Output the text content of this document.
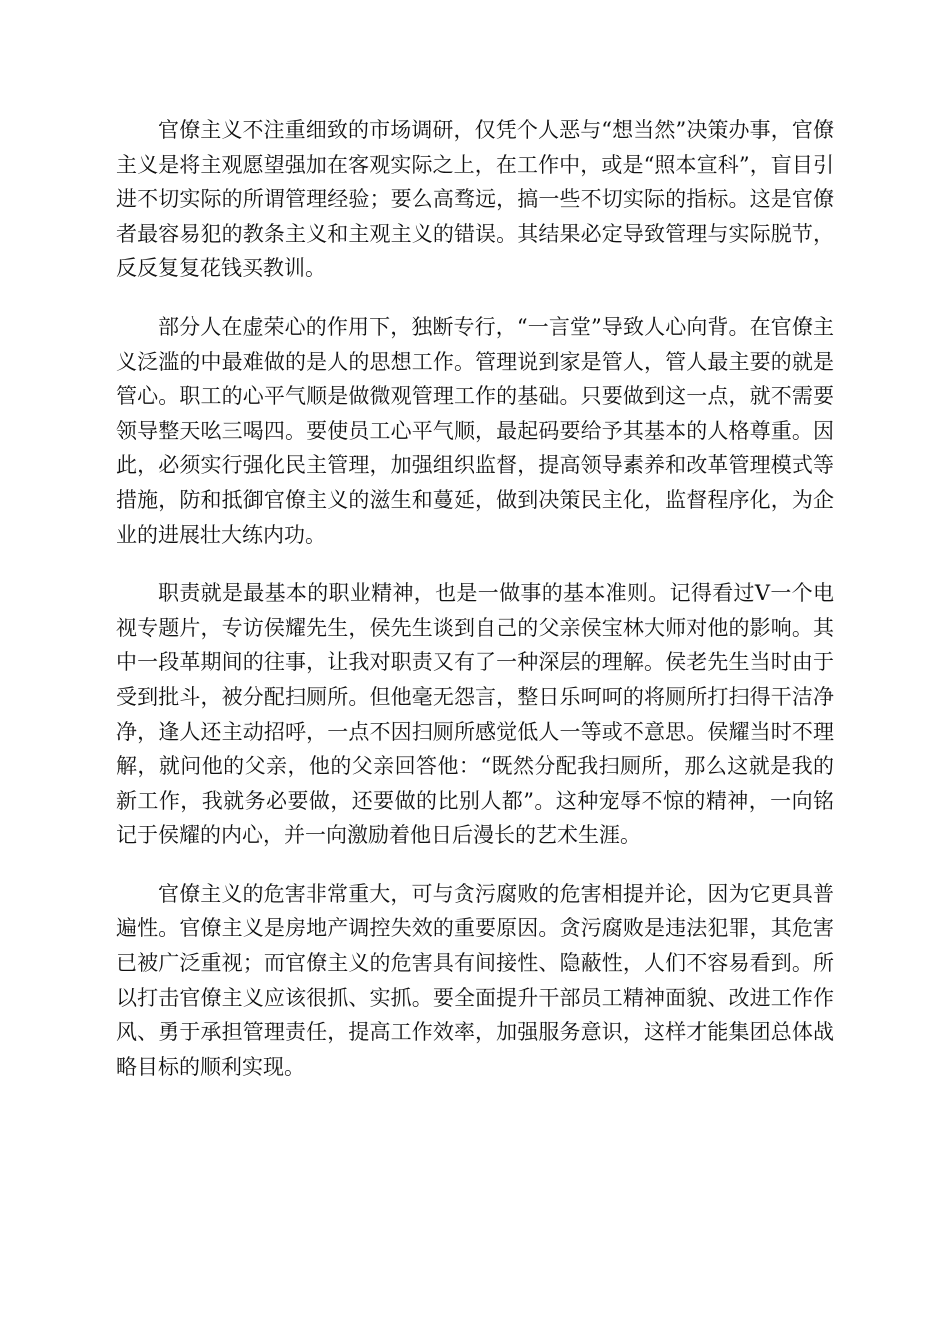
官僚主义不注重细致的市场调研，仅凭个人恶与“想当然”决策办事，官僚主义是将主观愿望强加在客观实际之上，在工作中，或是“照本宣科”，盲目引进不切实际的所谓管理经验；要么高骛远，搞一些不切实际的指标。这是官僚者最容易犯的教条主义和主观主义的错误。其结果必定导致管理与实际脱节，反反复复花钱买教训。

部分人在虚荣心的作用下，独断专行，“一言堂”导致人心向背。在官僚主义泛滥的中最难做的是人的思想工作。管理说到家是管人，管人最主要的就是管心。职工的心平气顺是做微观管理工作的基础。只要做到这一点，就不需要领导整天吆三喝四。要使员工心平气顺，最起码要给予其基本的人格尊重。因此，必须实行强化民主管理，加强组织监督，提高领导素养和改革管理模式等措施，防和抵御官僚主义的滋生和蔓延，做到决策民主化，监督程序化，为企业的进展壮大练内功。

职责就是最基本的职业精神，也是一做事的基本准则。记得看过V一个电视专题片，专访侯耀先生，侯先生谈到自己的父亲侯宝林大师对他的影响。其中一段革期间的往事，让我对职责又有了一种深层的理解。侯老先生当时由于受到批斗，被分配扫厕所。但他毫无怨言，整日乐呵呵的将厕所打扫得干洁净净，逢人还主动招呼，一点不因扫厕所感觉低人一等或不意思。侯耀当时不理解，就问他的父亲，他的父亲回答他：“既然分配我扫厕所，那么这就是我的新工作，我就务必要做，还要做的比别人都”。这种宠辱不惊的精神，一向铭记于侯耀的内心，并一向激励着他日后漫长的艺术生涯。

官僚主义的危害非常重大，可与贪污腐败的危害相提并论，因为它更具普遍性。官僚主义是房地产调控失效的重要原因。贪污腐败是违法犯罪，其危害已被广泛重视；而官僚主义的危害具有间接性、隐蔽性，人们不容易看到。所以打击官僚主义应该很抓、实抓。要全面提升干部员工精神面貌、改进工作作风、勇于承担管理责任，提高工作效率，加强服务意识，这样才能集团总体战略目标的顺利实现。
